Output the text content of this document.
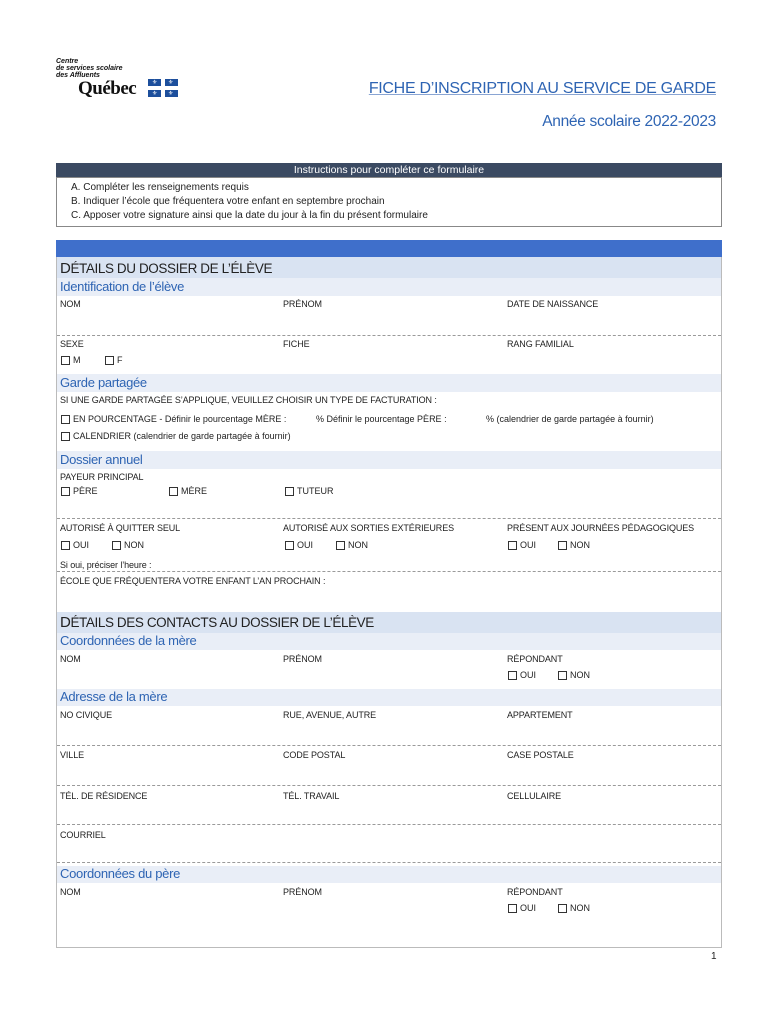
Centre
de services scolaire
des Affluents
Québec	⚜ ⚜
⚜ ⚜	FICHE D’INSCRIPTION AU SERVICE DE GARDE
Année scolaire 2022-2023
Instructions pour compléter ce formulaire
A. Compléter les renseignements requis
B. Indiquer l’école que fréquentera votre enfant en septembre prochain
C. Apposer votre signature ainsi que la date du jour à la fin du présent formulaire
DÉTAILS DU DOSSIER DE L’ÉLÈVE
Identification de l’élève
NOM	PRÉNOM	DATE DE NAISSANCE
SEXE	FICHE	RANG FAMILIAL
M	F
Garde partagée
SI UNE GARDE PARTAGÉE S’APPLIQUE, VEUILLEZ CHOISIR UN TYPE DE FACTURATION :
EN POURCENTAGE - Définir le pourcentage MÈRE :	% Définir le pourcentage PÈRE :	% (calendrier de garde partagée à fournir)
CALENDRIER (calendrier de garde partagée à fournir)
Dossier annuel
PAYEUR PRINCIPAL
PÈRE	MÈRE	TUTEUR
AUTORISÉ À QUITTER SEUL	AUTORISÉ AUX SORTIES EXTÉRIEURES	PRÉSENT AUX JOURNÉES PÉDAGOGIQUES
OUI	NON	OUI	NON	OUI	NON
Si oui, préciser l’heure :
ÉCOLE QUE FRÉQUENTERA VOTRE ENFANT L’AN PROCHAIN :
DÉTAILS DES CONTACTS AU DOSSIER DE L’ÉLÈVE
Coordonnées de la mère
NOM	PRÉNOM	RÉPONDANT
OUI	NON
Adresse de la mère
NO CIVIQUE	RUE, AVENUE, AUTRE	APPARTEMENT
VILLE	CODE POSTAL	CASE POSTALE
TÉL. DE RÉSIDENCE	TÉL. TRAVAIL	CELLULAIRE
COURRIEL
Coordonnées du père
NOM	PRÉNOM	RÉPONDANT
OUI	NON
1
